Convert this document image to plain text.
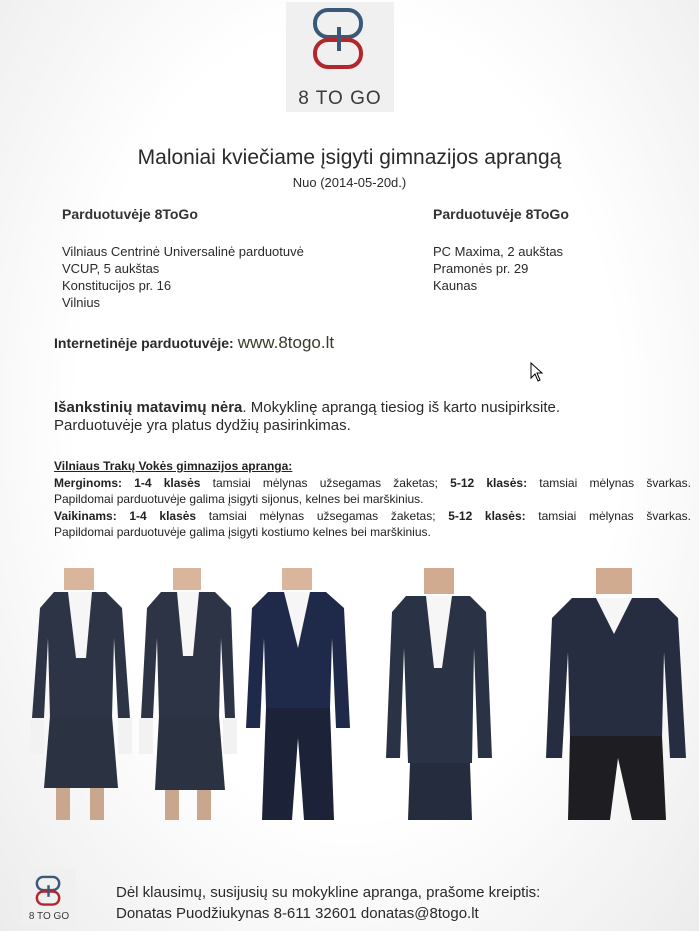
8 TO GO
Maloniai kviečiame įsigyti gimnazijos aprangą
Nuo (2014-05-20d.)
Parduotuvėje 8ToGo	Parduotuvėje 8ToGo
Vilniaus Centrinė Universalinė parduotuvė
VCUP, 5 aukštas
Konstitucijos pr. 16
Vilnius
PC Maxima, 2 aukštas
Pramonės pr. 29
Kaunas
Internetinėje parduotuvėje: www.8togo.lt
Išankstinių matavimų nėra. Mokyklinę aprangą tiesiog iš karto nusipirksite.
Parduotuvėje yra platus dydžių pasirinkimas.
Vilniaus Trakų Vokės gimnazijos apranga:
Merginoms: 1-4 klasės tamsiai mėlynas užsegamas žaketas; 5-12 klasės: tamsiai mėlynas švarkas.
Papildomai parduotuvėje galima įsigyti sijonus, kelnes bei marškinius.
Vaikinams: 1-4 klasės tamsiai mėlynas užsegamas žaketas; 5-12 klasės: tamsiai mėlynas švarkas.
Papildomai parduotuvėje galima įsigyti kostiumo kelnes bei marškinius.
8 TO GO
Dėl klausimų, susijusių su mokykline apranga, prašome kreiptis:
Donatas Puodžiukynas 8-611 32601 donatas@8togo.lt
